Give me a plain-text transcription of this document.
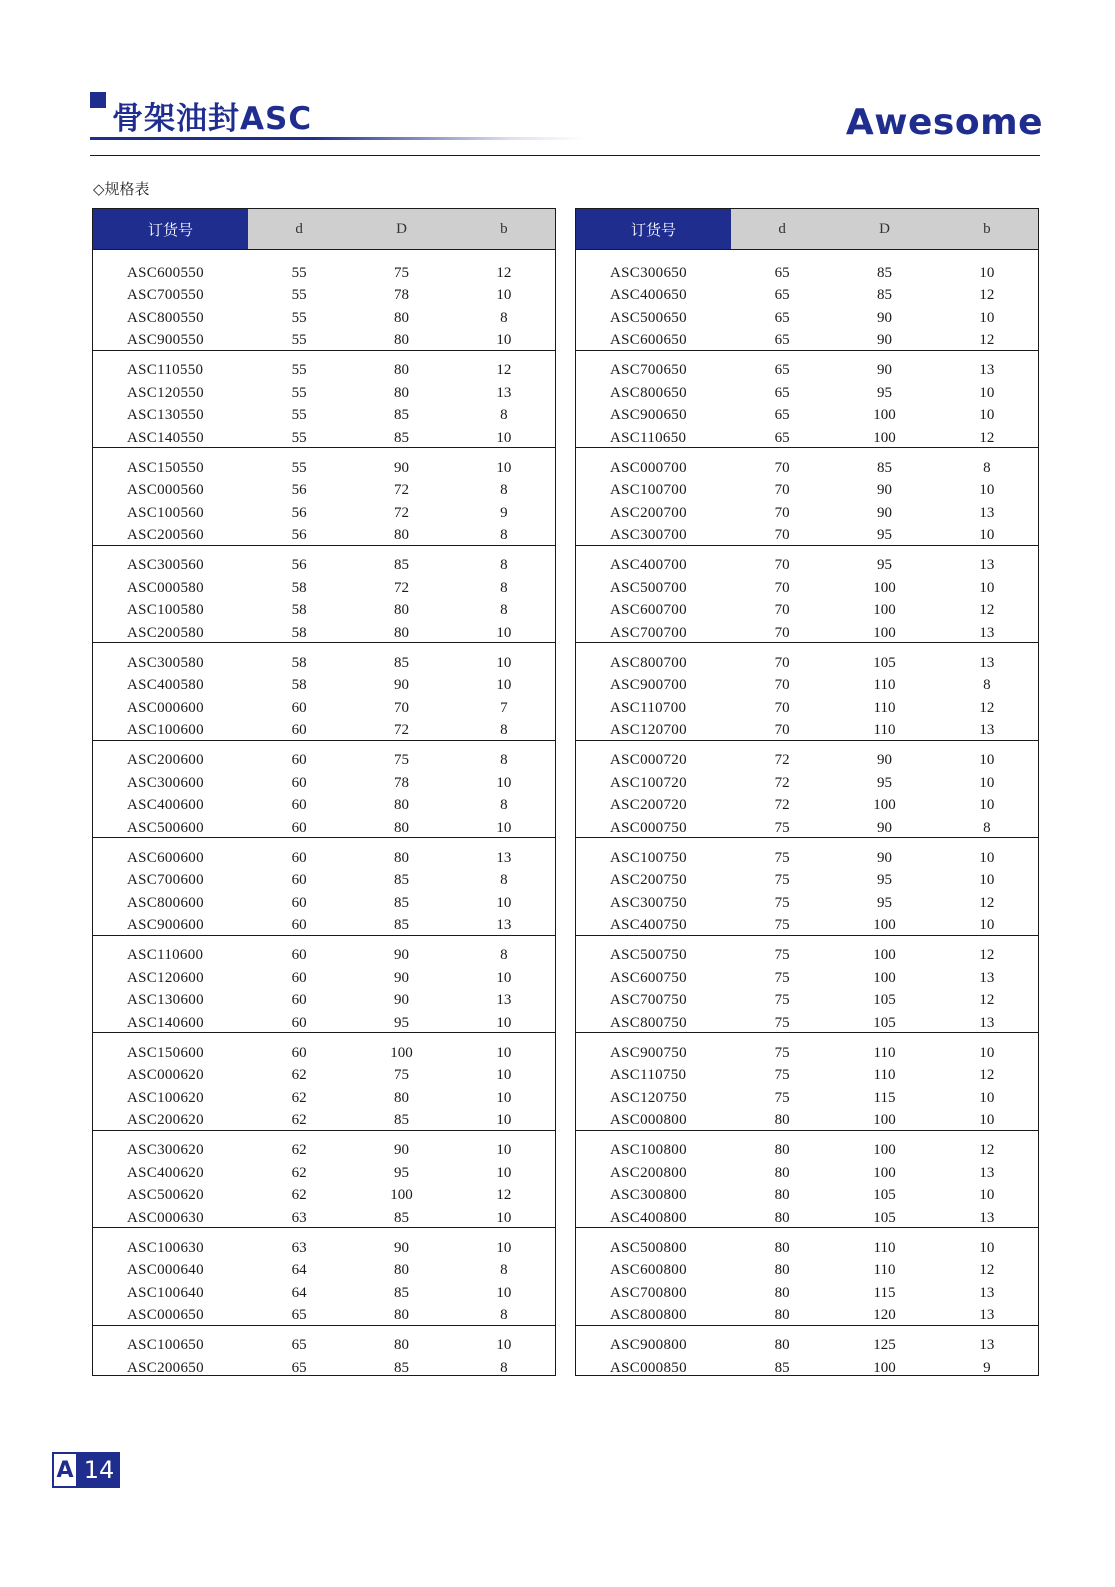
骨架油封ASC	Awesome
◇规格表
订货号	d	D	b
ASC600550	55	75	12
ASC700550	55	78	10
ASC800550	55	80	8
ASC900550	55	80	10
ASC110550	55	80	12
ASC120550	55	80	13
ASC130550	55	85	8
ASC140550	55	85	10
ASC150550	55	90	10
ASC000560	56	72	8
ASC100560	56	72	9
ASC200560	56	80	8
ASC300560	56	85	8
ASC000580	58	72	8
ASC100580	58	80	8
ASC200580	58	80	10
ASC300580	58	85	10
ASC400580	58	90	10
ASC000600	60	70	7
ASC100600	60	72	8
ASC200600	60	75	8
ASC300600	60	78	10
ASC400600	60	80	8
ASC500600	60	80	10
ASC600600	60	80	13
ASC700600	60	85	8
ASC800600	60	85	10
ASC900600	60	85	13
ASC110600	60	90	8
ASC120600	60	90	10
ASC130600	60	90	13
ASC140600	60	95	10
ASC150600	60	100	10
ASC000620	62	75	10
ASC100620	62	80	10
ASC200620	62	85	10
ASC300620	62	90	10
ASC400620	62	95	10
ASC500620	62	100	12
ASC000630	63	85	10
ASC100630	63	90	10
ASC000640	64	80	8
ASC100640	64	85	10
ASC000650	65	80	8
ASC100650	65	80	10
ASC200650	65	85	8
订货号	d	D	b
ASC300650	65	85	10
ASC400650	65	85	12
ASC500650	65	90	10
ASC600650	65	90	12
ASC700650	65	90	13
ASC800650	65	95	10
ASC900650	65	100	10
ASC110650	65	100	12
ASC000700	70	85	8
ASC100700	70	90	10
ASC200700	70	90	13
ASC300700	70	95	10
ASC400700	70	95	13
ASC500700	70	100	10
ASC600700	70	100	12
ASC700700	70	100	13
ASC800700	70	105	13
ASC900700	70	110	8
ASC110700	70	110	12
ASC120700	70	110	13
ASC000720	72	90	10
ASC100720	72	95	10
ASC200720	72	100	10
ASC000750	75	90	8
ASC100750	75	90	10
ASC200750	75	95	10
ASC300750	75	95	12
ASC400750	75	100	10
ASC500750	75	100	12
ASC600750	75	100	13
ASC700750	75	105	12
ASC800750	75	105	13
ASC900750	75	110	10
ASC110750	75	110	12
ASC120750	75	115	10
ASC000800	80	100	10
ASC100800	80	100	12
ASC200800	80	100	13
ASC300800	80	105	10
ASC400800	80	105	13
ASC500800	80	110	10
ASC600800	80	110	12
ASC700800	80	115	13
ASC800800	80	120	13
ASC900800	80	125	13
ASC000850	85	100	9
A 14
